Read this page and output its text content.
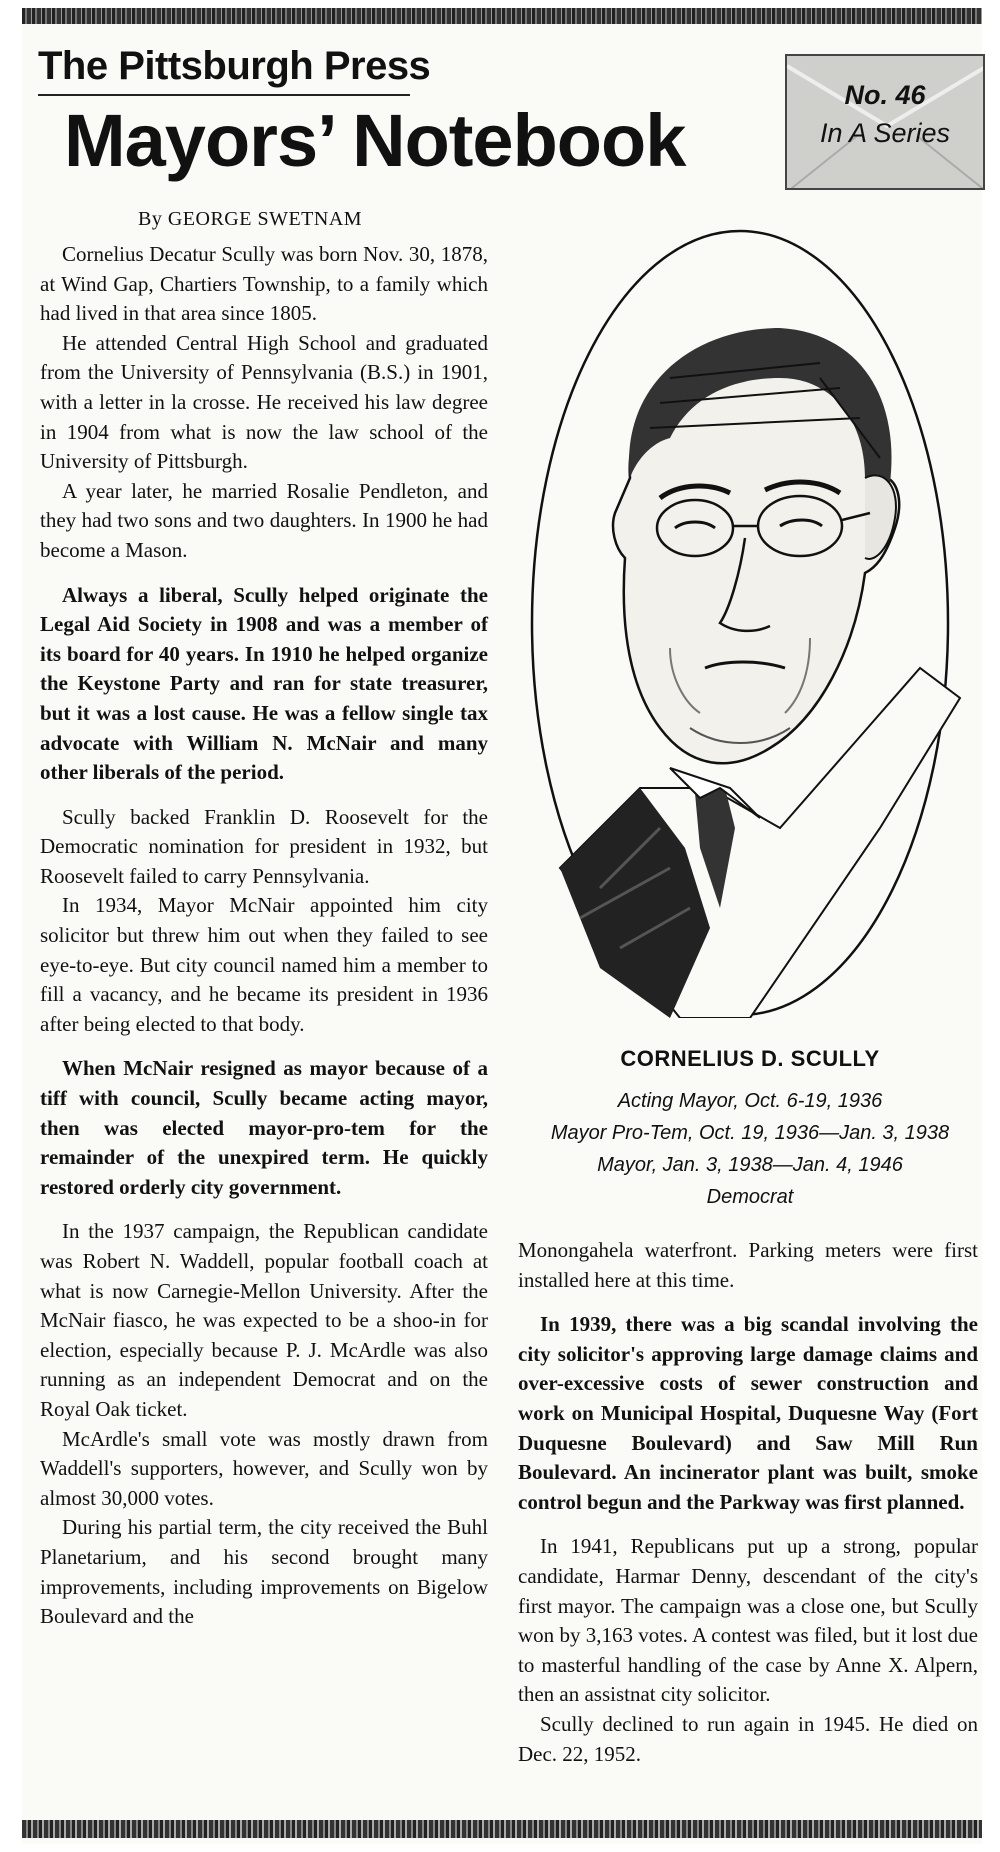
The Pittsburgh Press
Mayors’ Notebook
No. 46
In A Series
By GEORGE SWETNAM

Cornelius Decatur Scully was born Nov. 30, 1878, at Wind Gap, Chartiers Township, to a family which had lived in that area since 1805.

He attended Central High School and graduated from the University of Pennsylvania (B.S.) in 1901, with a letter in la crosse. He received his law degree in 1904 from what is now the law school of the University of Pittsburgh.

A year later, he married Rosalie Pendleton, and they had two sons and two daughters. In 1900 he had become a Mason.

Always a liberal, Scully helped originate the Legal Aid Society in 1908 and was a member of its board for 40 years. In 1910 he helped organize the Keystone Party and ran for state treasurer, but it was a lost cause. He was a fellow single tax advocate with William N. McNair and many other liberals of the period.

Scully backed Franklin D. Roosevelt for the Democratic nomination for president in 1932, but Roosevelt failed to carry Pennsylvania.

In 1934, Mayor McNair appointed him city solicitor but threw him out when they failed to see eye-to-eye. But city council named him a member to fill a vacancy, and he became its president in 1936 after being elected to that body.

When McNair resigned as mayor because of a tiff with council, Scully became acting mayor, then was elected mayor-pro-tem for the remainder of the unexpired term. He quickly restored orderly city government.

In the 1937 campaign, the Republican candidate was Robert N. Waddell, popular football coach at what is now Carnegie-Mellon University. After the McNair fiasco, he was expected to be a shoo-in for election, especially because P. J. McArdle was also running as an independent Democrat and on the Royal Oak ticket.

McArdle's small vote was mostly drawn from Waddell's supporters, however, and Scully won by almost 30,000 votes.

During his partial term, the city received the Buhl Planetarium, and his second brought many improvements, including improvements on Bigelow Boulevard and the

CORNELIUS D. SCULLY
Acting Mayor, Oct. 6-19, 1936
Mayor Pro-Tem, Oct. 19, 1936—Jan. 3, 1938
Mayor, Jan. 3, 1938—Jan. 4, 1946
Democrat

Monongahela waterfront. Parking meters were first installed here at this time.

In 1939, there was a big scandal involving the city solicitor's approving large damage claims and over-excessive costs of sewer construction and work on Municipal Hospital, Duquesne Way (Fort Duquesne Boulevard) and Saw Mill Run Boulevard. An incinerator plant was built, smoke control begun and the Parkway was first planned.

In 1941, Republicans put up a strong, popular candidate, Harmar Denny, descendant of the city's first mayor. The campaign was a close one, but Scully won by 3,163 votes. A contest was filed, but it lost due to masterful handling of the case by Anne X. Alpern, then an assistnat city solicitor.

Scully declined to run again in 1945. He died on Dec. 22, 1952.
